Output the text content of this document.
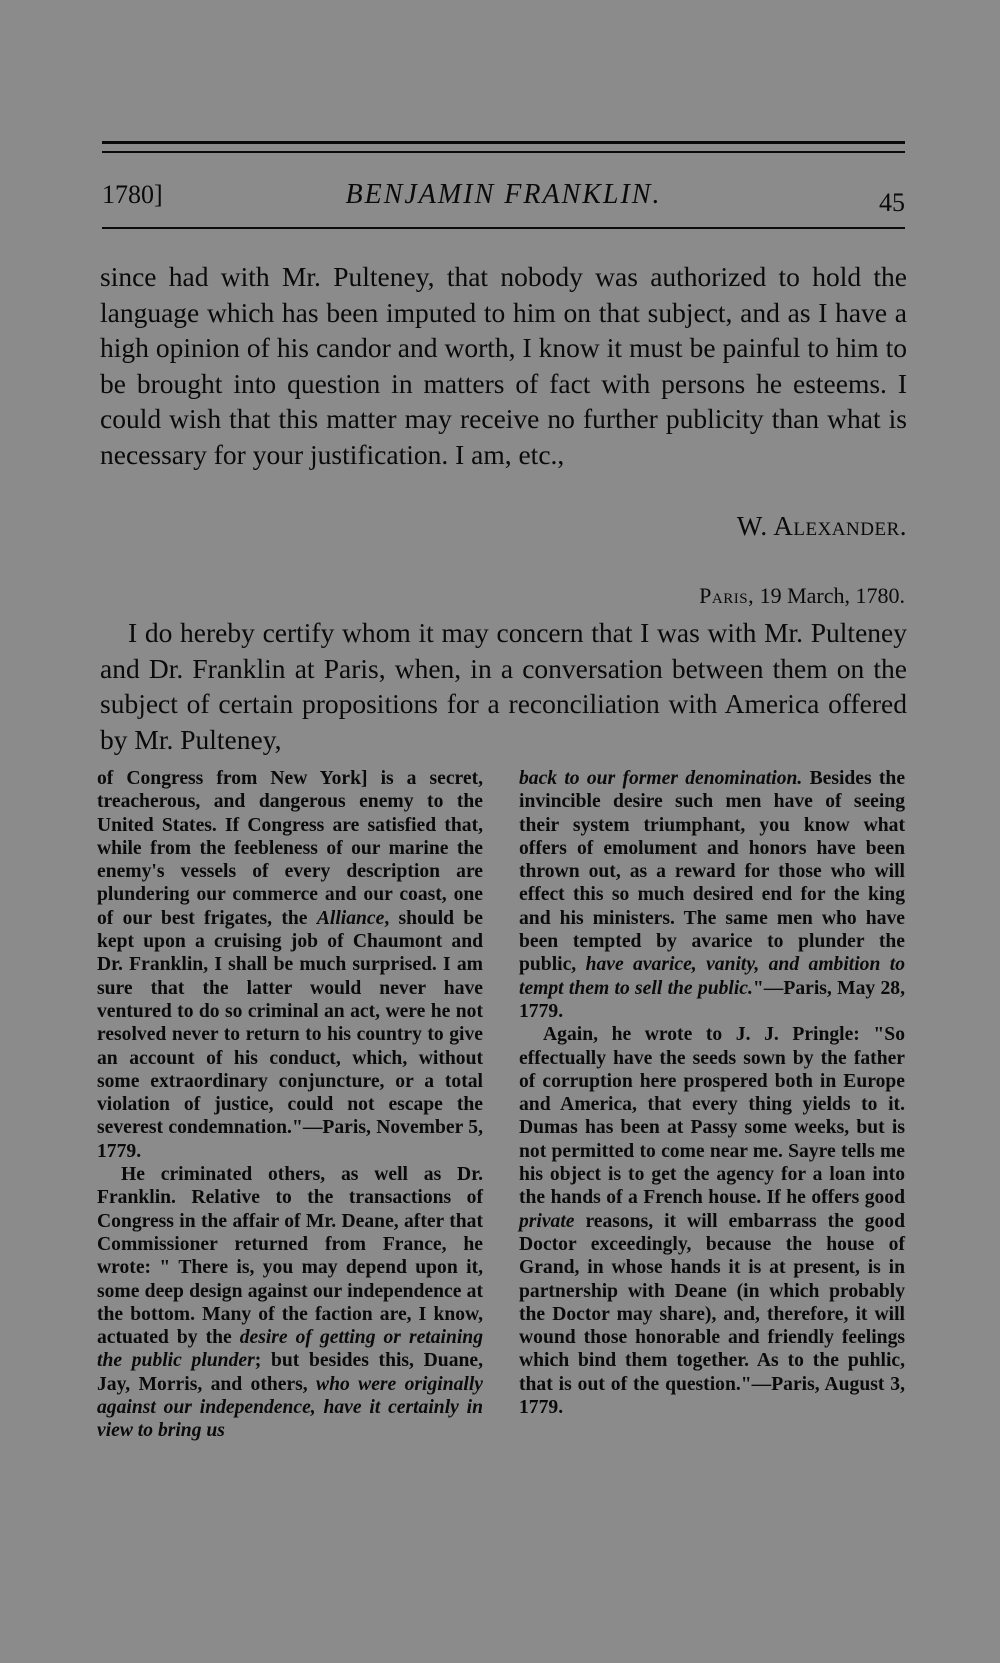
BENJAMIN FRANKLIN.
1780]	45
since had with Mr. Pulteney, that nobody was authorized to hold the language which has been imputed to him on that subject, and as I have a high opinion of his candor and worth, I know it must be painful to him to be brought into question in matters of fact with persons he esteems. I could wish that this matter may receive no further publicity than what is necessary for your justification. I am, etc.,
W. Alexander.
Paris, 19 March, 1780.
I do hereby certify whom it may concern that I was with Mr. Pulteney and Dr. Franklin at Paris, when, in a conversation between them on the subject of certain propositions for a reconciliation with America offered by Mr. Pulteney,

of Congress from New York] is a secret, treacherous, and dangerous enemy to the United States. If Congress are satisfied that, while from the feebleness of our marine the enemy's vessels of every description are plundering our commerce and our coast, one of our best frigates, the Alliance, should be kept upon a cruising job of Chaumont and Dr. Franklin, I shall be much surprised. I am sure that the latter would never have ventured to do so criminal an act, were he not resolved never to return to his country to give an account of his conduct, which, without some extraordinary conjuncture, or a total violation of justice, could not escape the severest condemnation."—Paris, November 5, 1779.

He criminated others, as well as Dr. Franklin. Relative to the transactions of Congress in the affair of Mr. Deane, after that Commissioner returned from France, he wrote: " There is, you may depend upon it, some deep design against our independence at the bottom. Many of the faction are, I know, actuated by the desire of getting or retaining the public plunder; but besides this, Duane, Jay, Morris, and others, who were originally against our independence, have it certainly in view to bring us

back to our former denomination. Besides the invincible desire such men have of seeing their system triumphant, you know what offers of emolument and honors have been thrown out, as a reward for those who will effect this so much desired end for the king and his ministers. The same men who have been tempted by avarice to plunder the public, have avarice, vanity, and ambition to tempt them to sell the public."—Paris, May 28, 1779.

Again, he wrote to J. J. Pringle: "So effectually have the seeds sown by the father of corruption here prospered both in Europe and America, that every thing yields to it. Dumas has been at Passy some weeks, but is not permitted to come near me. Sayre tells me his object is to get the agency for a loan into the hands of a French house. If he offers good private reasons, it will embarrass the good Doctor exceedingly, because the house of Grand, in whose hands it is at present, is in partnership with Deane (in which probably the Doctor may share), and, therefore, it will wound those honorable and friendly feelings which bind them together. As to the puhlic, that is out of the question."—Paris, August 3, 1779.
